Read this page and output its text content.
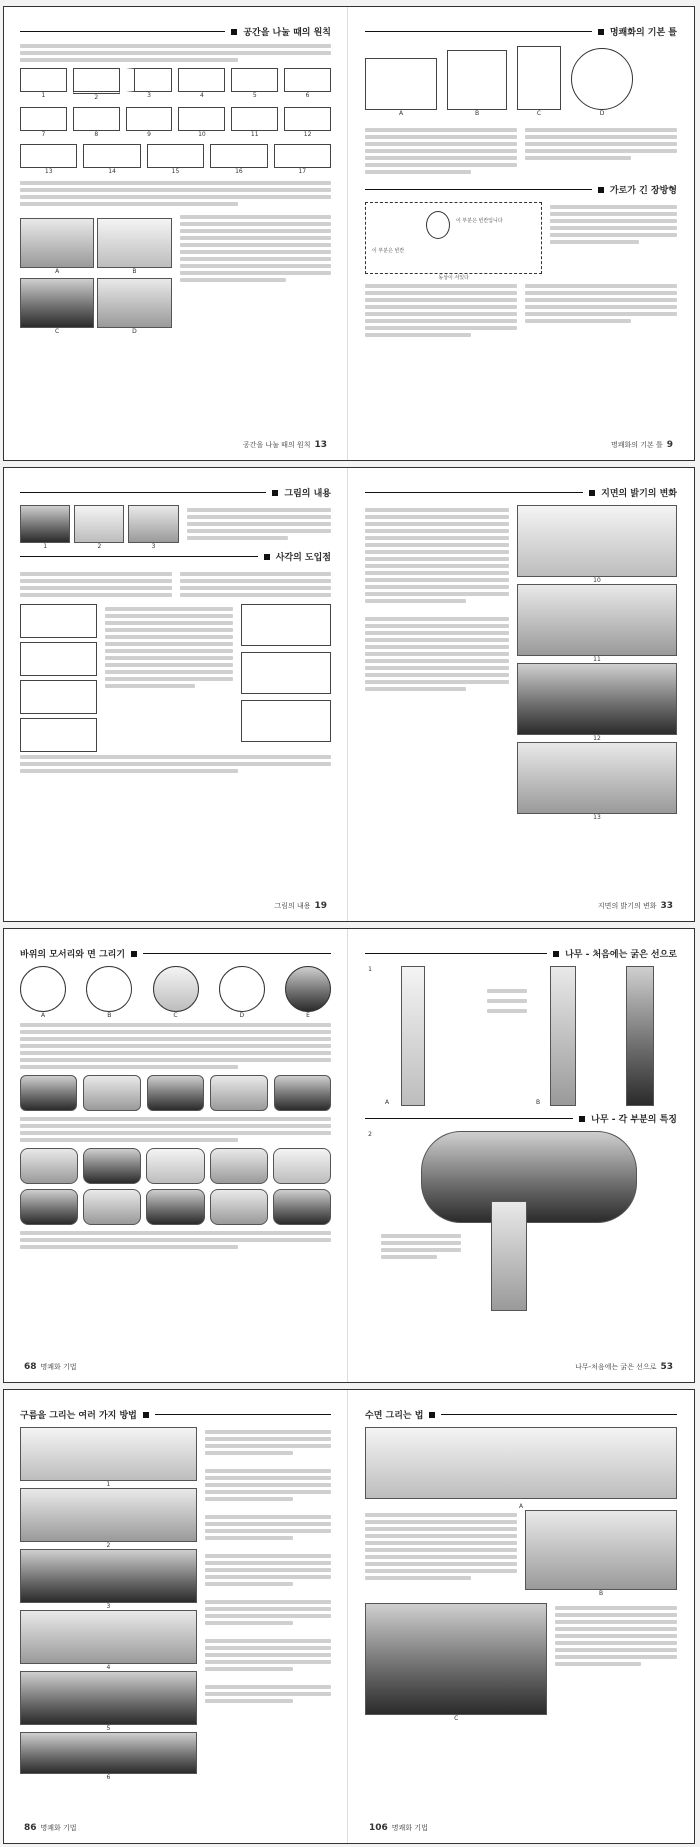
공간을 나눌 때의 원칙
1	2	3	4	5	6
7	8	9	10	11	12
13	14	15	16	17
A	B
C	D
공간을 나눌 때의 원칙 13
명쾌화의 기본 틀
A	B	C	D
가로가 긴 장방형
이 부분은 빈칸
이 부분은 빈칸입니다
동상이 서있다
명쾌화의 기본 틀 9
그림의 내용
1	2	3
사각의 도입점
그림의 내용 19
지면의 밝기의 변화
10
11
12
13
지면의 밝기의 변화 33
바위의 모서리와 면 그리기
A	B	C	D	E
68 명쾌화 기법
나무 - 처음에는 굵은 선으로
1
A	B
나무 - 각 부분의 특징
2
나무-처음에는 굵은 선으로 53
구름을 그리는 여러 가지 방법
1
2
3
4
5
6
86 명쾌화 기법
수면 그리는 법
A
B
C
106 명쾌화 기법
